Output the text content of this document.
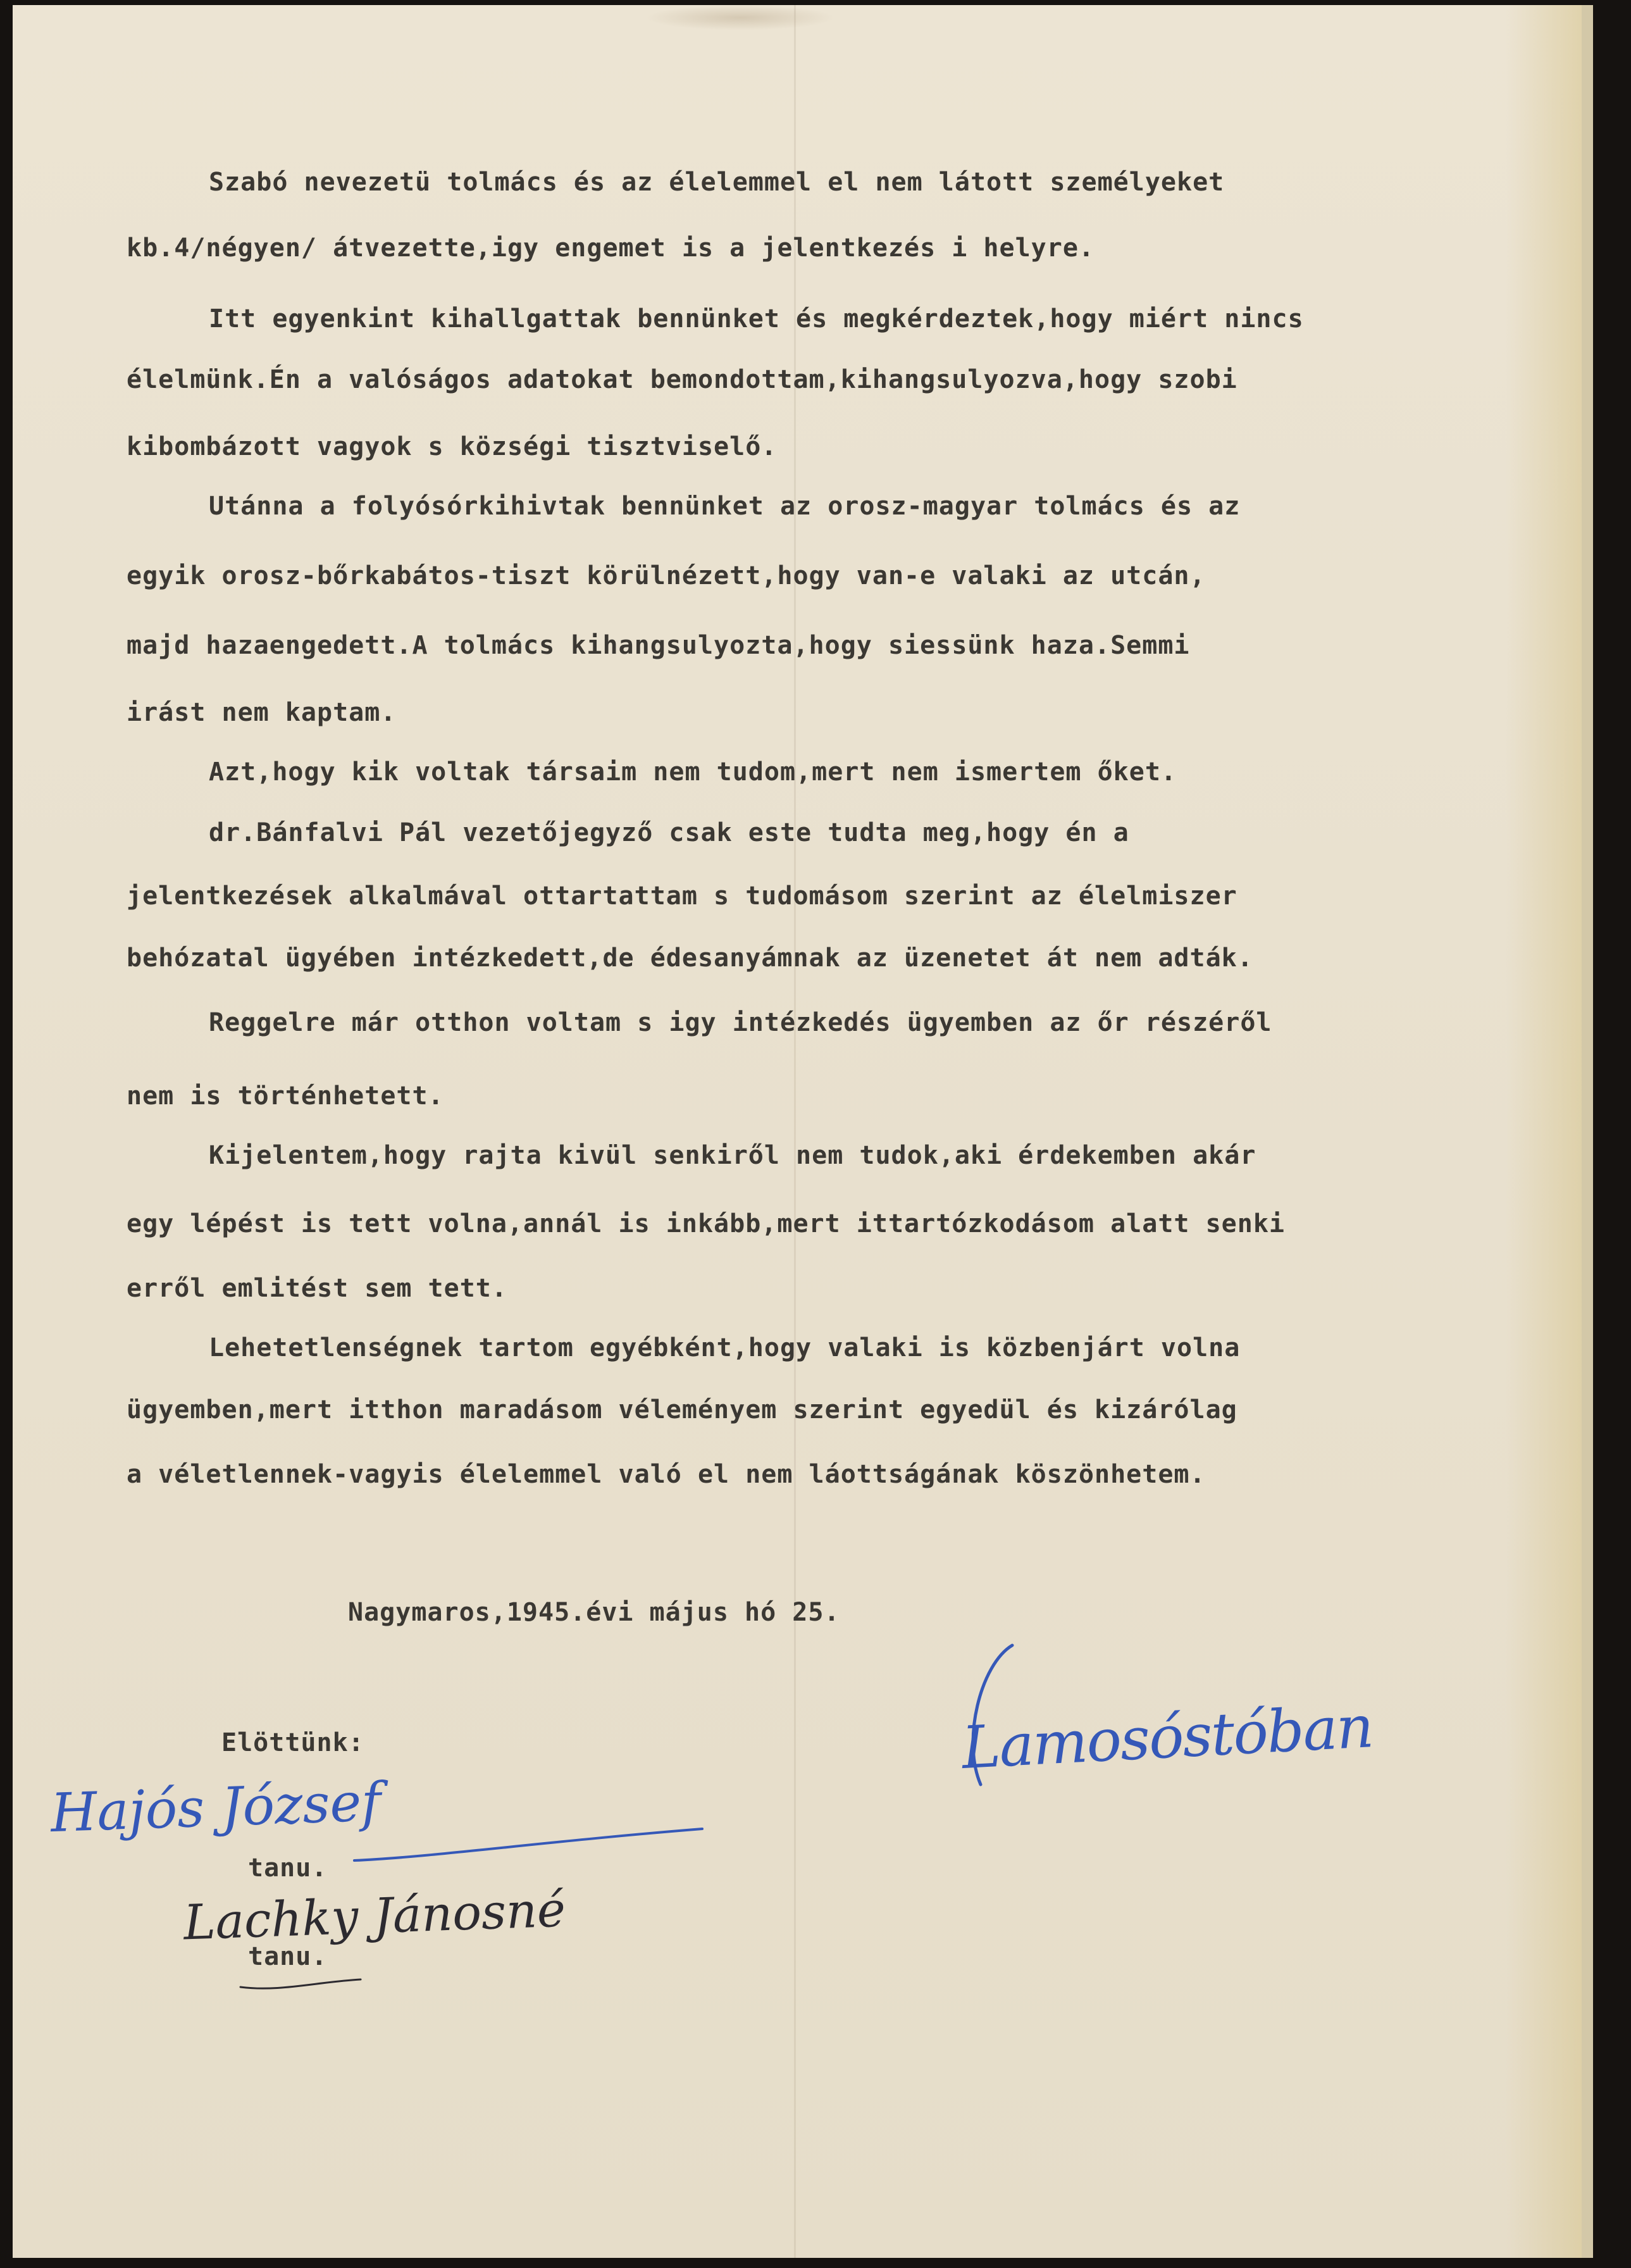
Szabó nevezetü tolmács és az élelemmel el nem látott személyeket

kb.4/négyen/ átvezette,igy engemet is a jelentkezés i helyre.

Itt egyenkint kihallgattak bennünket és megkérdeztek,hogy miért nincs

élelmünk.Én a valóságos adatokat bemondottam,kihangsulyozva,hogy szobi

kibombázott vagyok s községi tisztviselő.

Utánna a folyósórkihivtak bennünket az orosz-magyar tolmács és az

egyik orosz-bőrkabátos-tiszt körülnézett,hogy van-e valaki az utcán,

majd hazaengedett.A tolmács kihangsulyozta,hogy siessünk haza.Semmi

irást nem kaptam.

Azt,hogy kik voltak társaim nem tudom,mert nem ismertem őket.

dr.Bánfalvi Pál vezetőjegyző csak este tudta meg,hogy én a

jelentkezések alkalmával ottartattam s tudomásom szerint az élelmiszer

behózatal ügyében intézkedett,de édesanyámnak az üzenetet át nem adták.

Reggelre már otthon voltam s igy intézkedés ügyemben az őr részéről

nem is történhetett.

Kijelentem,hogy rajta kivül senkiről nem tudok,aki érdekemben akár

egy lépést is tett volna,annál is inkább,mert ittartózkodásom alatt senki

erről emlitést sem tett.

Lehetetlenségnek tartom egyébként,hogy valaki is közbenjárt volna

ügyemben,mert itthon maradásom véleményem szerint egyedül és kizárólag

a véletlennek-vagyis élelemmel való el nem láottságának köszönhetem.

Nagymaros,1945.évi május hó 25.

Elöttünk:

tanu.

tanu.

Lamosóstóban
Hajós József
Lachky Jánosné
